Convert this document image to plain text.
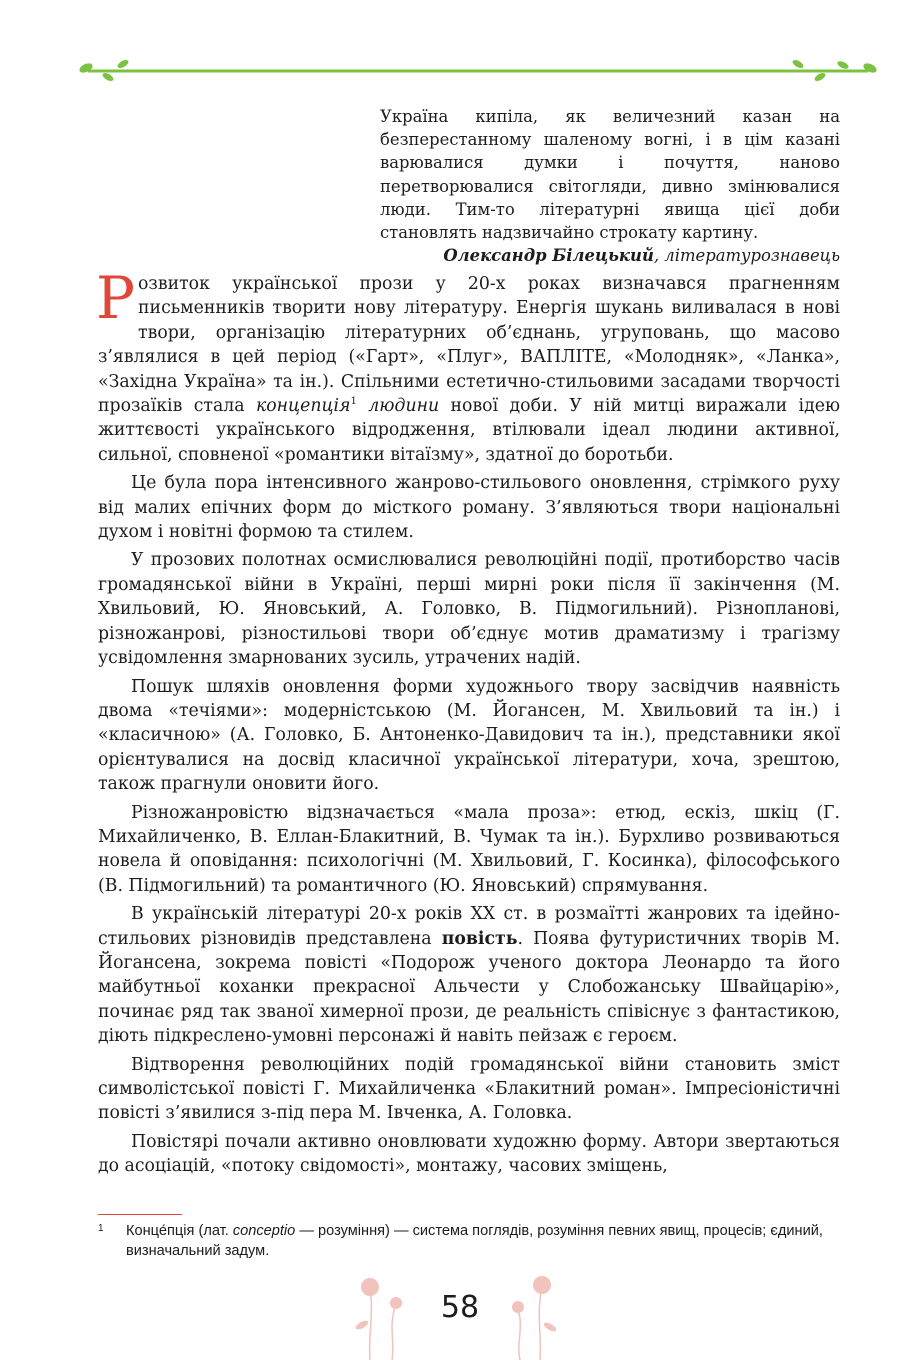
Україна кипіла, як величезний казан на безперестанному шаленому вогні, і в цім казані варювалися думки і почуття, наново перетворювалися світогляди, дивно змінювалися люди. Тим-то літературні явища цієї доби становлять надзвичайно строкату картину.
Олександр Білецький, літературознавець

Розвиток української прози у 20-х роках визначався прагненням письменників творити нову літературу. Енергія шукань виливалася в нові твори, організацію літературних об’єднань, угруповань, що масово з’являлися в цей період («Гарт», «Плуг», ВАПЛІТЕ, «Молодняк», «Ланка», «Західна Україна» та ін.). Спільними естетично-стильовими засадами творчості прозаїків стала концепція$^1$ людини нової доби. У ній митці виражали ідею життєвості українського відродження, втілювали ідеал людини активної, сильної, сповненої «романтики вітаїзму», здатної до боротьби.

Це була пора інтенсивного жанрово-стильового оновлення, стрімкого руху від малих епічних форм до місткого роману. З’являються твори національні духом і новітні формою та стилем.

У прозових полотнах осмислювалися революційні події, протиборство часів громадянської війни в Україні, перші мирні роки після її закінчення (М. Хвильовий, Ю. Яновський, А. Головко, В. Підмогильний). Різнопланові, різножанрові, різностильові твори об’єднує мотив драматизму і трагізму усвідомлення змарнованих зусиль, утрачених надій.

Пошук шляхів оновлення форми художнього твору засвідчив наявність двома «течіями»: модерністською (М. Йогансен, М. Хвильовий та ін.) і «класичною» (А. Головко, Б. Антоненко-Давидович та ін.), представники якої орієнтувалися на досвід класичної української літератури, хоча, зрештою, також прагнули оновити його.

Різножанровістю відзначається «мала проза»: етюд, ескіз, шкіц (Г. Михайличенко, В. Еллан-Блакитний, В. Чумак та ін.). Бурхливо розвиваються новела й оповідання: психологічні (М. Хвильовий, Г. Косинка), філософського (В. Підмогильний) та романтичного (Ю. Яновський) спрямування.

В українській літературі 20-х років ХХ ст. в розмаїтті жанрових та ідейно-стильових різновидів представлена повість. Поява футуристичних творів М. Йогансена, зокрема повісті «Подорож ученого доктора Леонардо та його майбутньої коханки прекрасної Альчести у Слобожанську Швайцарію», починає ряд так званої химерної прози, де реальність співіснує з фантастикою, діють підкреслено-умовні персонажі й навіть пейзаж є героєм.

Відтворення революційних подій громадянської війни становить зміст символістської повісті Г. Михайличенка «Блакитний роман». Імпресіоністичні повісті з’явилися з-під пера М. Івченка, А. Головка.

Повістярі почали активно оновлювати художню форму. Автори звертаються до асоціацій, «потоку свідомості», монтажу, часових зміщень,

1 Конце́пція (лат. conceptio — розуміння) — система поглядів, розуміння певних явищ, процесів; єдиний, визначальний задум.
58
